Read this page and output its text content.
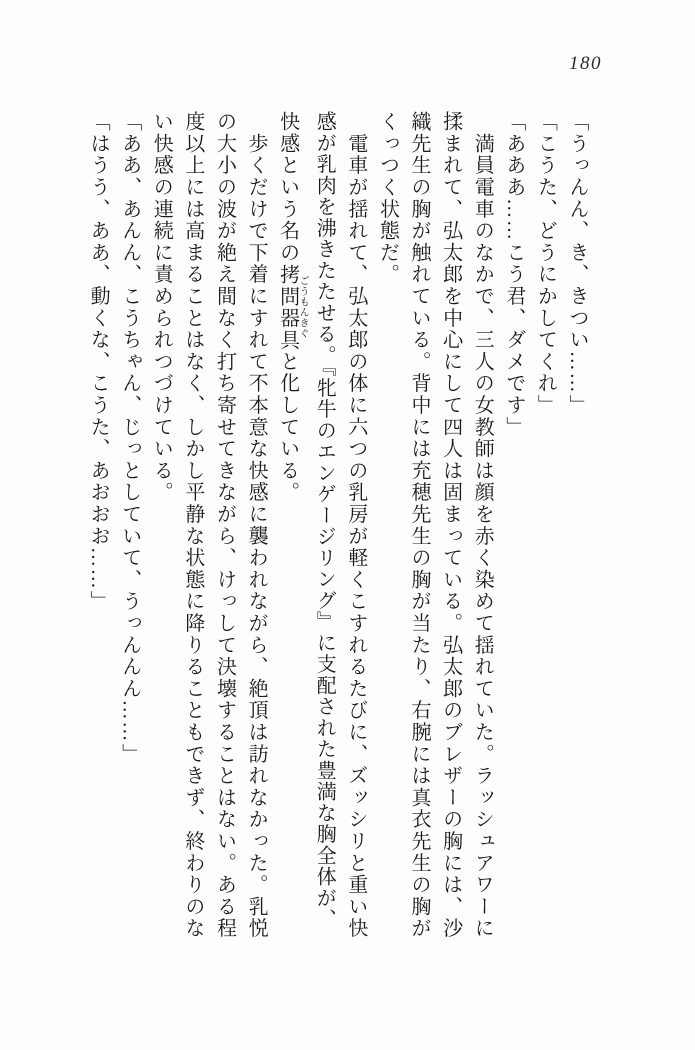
180
「うっんん、き、きつい……」
「こうた、どうにかしてくれ」
「あああ……こう君、ダメです」
　満員電車のなかで、三人の女教師は顔を赤く染めて揺れていた。ラッシュアワーに
揉まれて、弘太郎を中心にして四人は固まっている。弘太郎のブレザーの胸には、沙
織先生の胸が触れている。背中には充穂先生の胸が当たり、右腕には真衣先生の胸が
くっつく状態だ。
　電車が揺れて、弘太郎の体に六つの乳房が軽くこすれるたびに、ズッシリと重い快
感が乳肉を沸きたたせる。『牝牛のエンゲージリング』に支配された豊満な胸全体が、
快感という名の拷問器具ごうもんきぐと化している。
　歩くだけで下着にすれて不本意な快感に襲われながら、絶頂は訪れなかった。乳悦
の大小の波が絶え間なく打ち寄せてきながら、けっして決壊することはない。ある程
度以上には高まることはなく、しかし平静な状態に降りることもできず、終わりのな
い快感の連続に責められつづけている。
「ああ、あんん、こうちゃん、じっとしていて、うっんんん……」
「はうう、ああ、動くな、こうた、あおおお……」
